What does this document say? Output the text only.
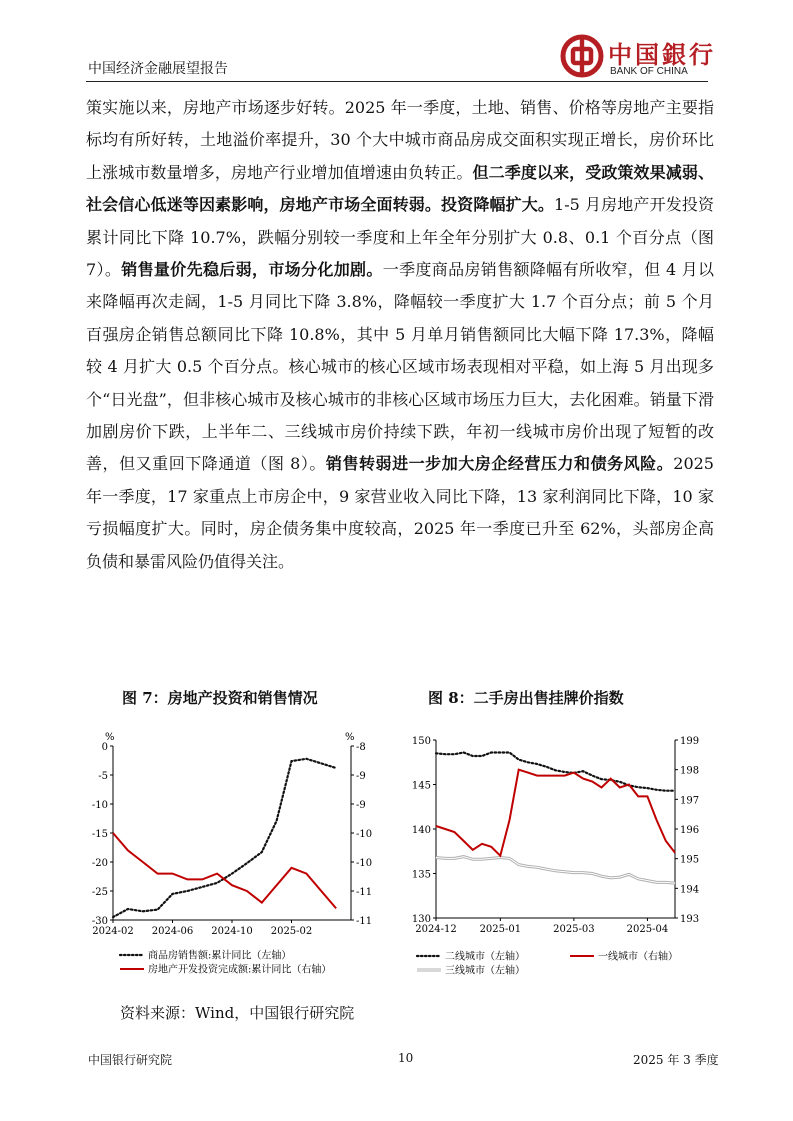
中国经济金融展望报告	中国銀行
BANK OF CHINA

策实施以来，房地产市场逐步好转。2025 年一季度，土地、销售、价格等房地产主要指标均有所好转，土地溢价率提升，30 个大中城市商品房成交面积实现正增长，房价环比上涨城市数量增多，房地产行业增加值增速由负转正。但二季度以来，受政策效果减弱、社会信心低迷等因素影响，房地产市场全面转弱。投资降幅扩大。1-5 月房地产开发投资累计同比下降 10.7%，跌幅分别较一季度和上年全年分别扩大 0.8、0.1 个百分点（图 7）。销售量价先稳后弱，市场分化加剧。一季度商品房销售额降幅有所收窄，但 4 月以来降幅再次走阔，1-5 月同比下降 3.8%，降幅较一季度扩大 1.7 个百分点；前 5 个月百强房企销售总额同比下降 10.8%，其中 5 月单月销售额同比大幅下降 17.3%，降幅较 4 月扩大 0.5 个百分点。核心城市的核心区域市场表现相对平稳，如上海 5 月出现多个“日光盘”，但非核心城市及核心城市的非核心区域市场压力巨大，去化困难。销量下滑加剧房价下跌，上半年二、三线城市房价持续下跌，年初一线城市房价出现了短暂的改善，但又重回下降通道（图 8）。销售转弱进一步加大房企经营压力和债务风险。2025 年一季度，17 家重点上市房企中，9 家营业收入同比下降，13 家利润同比下降，10 家亏损幅度扩大。同时，房企债务集中度较高，2025 年一季度已升至 62%，头部房企高负债和暴雷风险仍值得关注。

图 7：房地产投资和销售情况	图 8：二手房出售挂牌价指数
%	%
0
-5
-10
-15
-20
-25
-30
-8
-9
-9
-10
-10
-11
-11
2024-02 2024-06 2024-10 2025-02
商品房销售额:累计同比（左轴）
房地产开发投资完成额:累计同比（右轴）
150
145
140
135
130
199
198
197
196
195
194
193
2024-12 2025-01	2025-03	2025-04
二线城市（左轴）
三线城市（左轴）
一线城市（右轴）
资料来源：Wind，中国银行研究院
中国银行研究院	10	2025 年 3 季度
